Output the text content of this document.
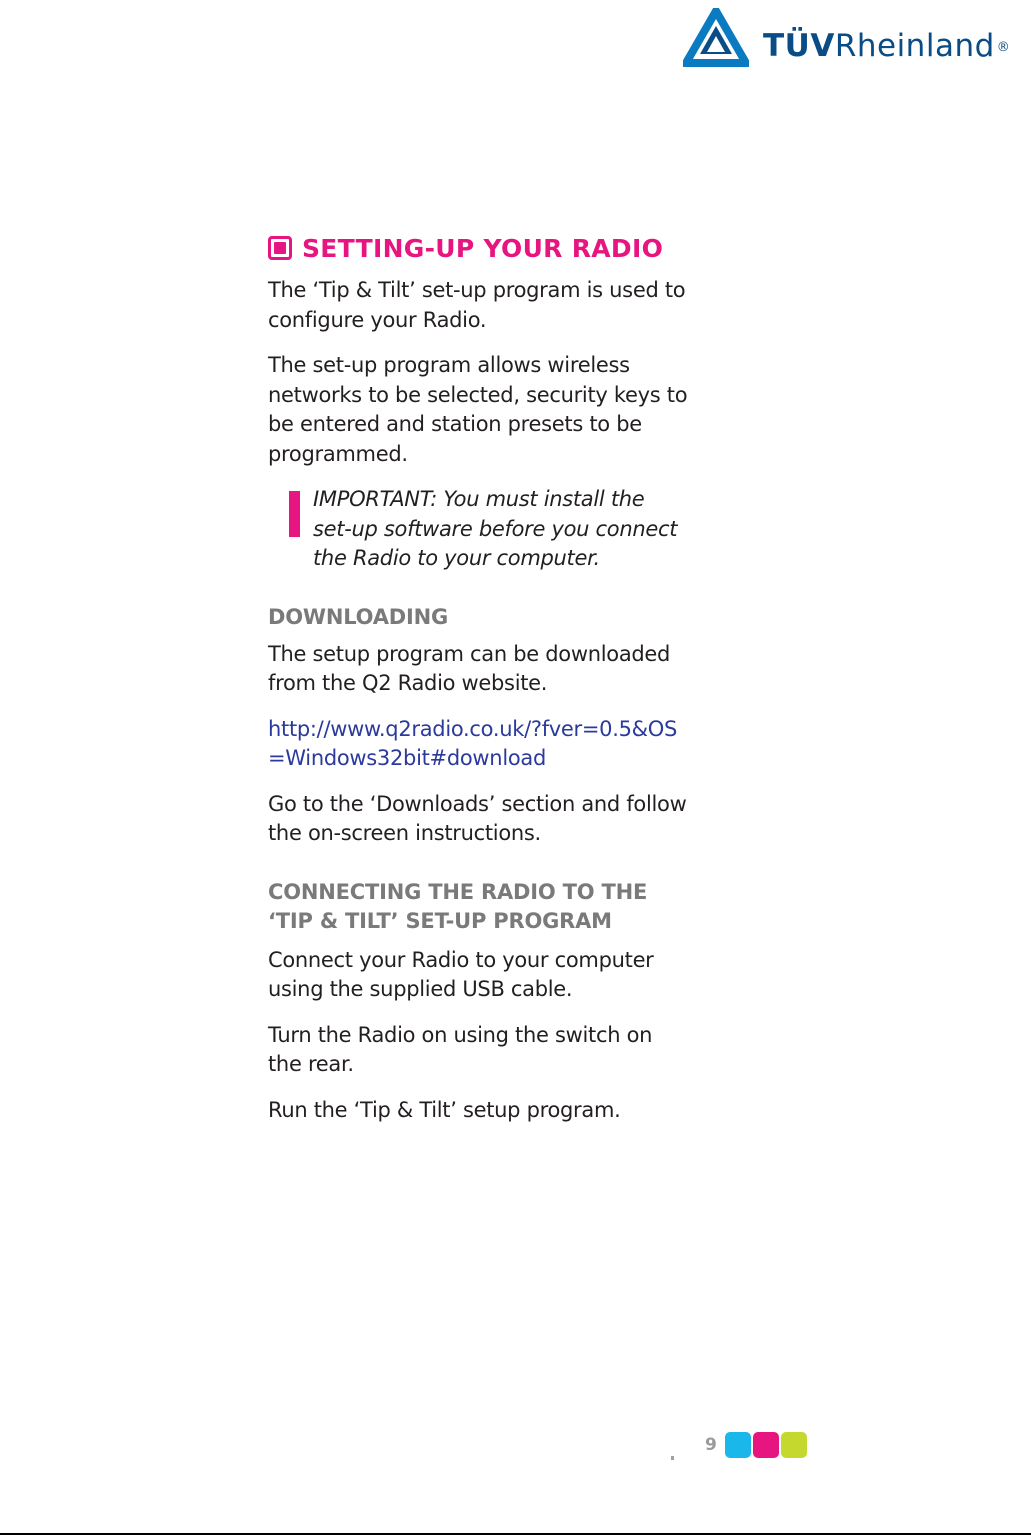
TÜVRheinland ®
SETTING-UP YOUR RADIO

The ‘Tip & Tilt’ set-up program is used to configure your Radio.

The set-up program allows wireless networks to be selected, security keys to be entered and station presets to be programmed.

IMPORTANT: You must install the set-up software before you connect the Radio to your computer.

DOWNLOADING

The setup program can be downloaded from the Q2 Radio website.

http://www.q2radio.co.uk/?fver=0.5&OS =Windows32bit#download

Go to the ‘Downloads’ section and follow the on-screen instructions.

CONNECTING THE RADIO TO THE ‘TIP & TILT’ SET-UP PROGRAM

Connect your Radio to your computer using the supplied USB cable.

Turn the Radio on using the switch on the rear.

Run the ‘Tip & Tilt’ setup program.

9
